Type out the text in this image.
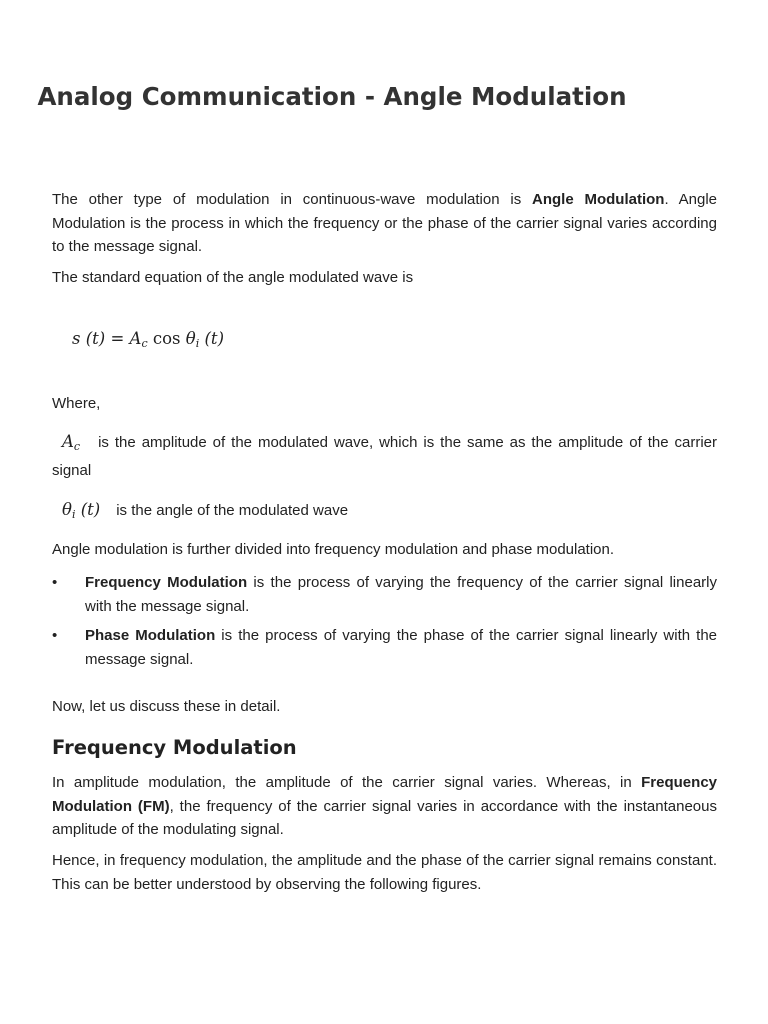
Analog Communication - Angle Modulation

The other type of modulation in continuous-wave modulation is Angle Modulation. Angle Modulation is the process in which the frequency or the phase of the carrier signal varies according to the message signal.

The standard equation of the angle modulated wave is

s $(t) = A_c$ $\cos \theta_i$ (t)

Where,

$A_c$ is the amplitude of the modulated wave, which is the same as the amplitude of the carrier signal

$\theta_i$ (t) is the angle of the modulated wave

Angle modulation is further divided into frequency modulation and phase modulation.

• Frequency Modulation is the process of varying the frequency of the carrier signal linearly with the message signal.
• Phase Modulation is the process of varying the phase of the carrier signal linearly with the message signal.

Now, let us discuss these in detail.

Frequency Modulation

In amplitude modulation, the amplitude of the carrier signal varies. Whereas, in Frequency Modulation (FM), the frequency of the carrier signal varies in accordance with the instantaneous amplitude of the modulating signal.

Hence, in frequency modulation, the amplitude and the phase of the carrier signal remains constant. This can be better understood by observing the following figures.
